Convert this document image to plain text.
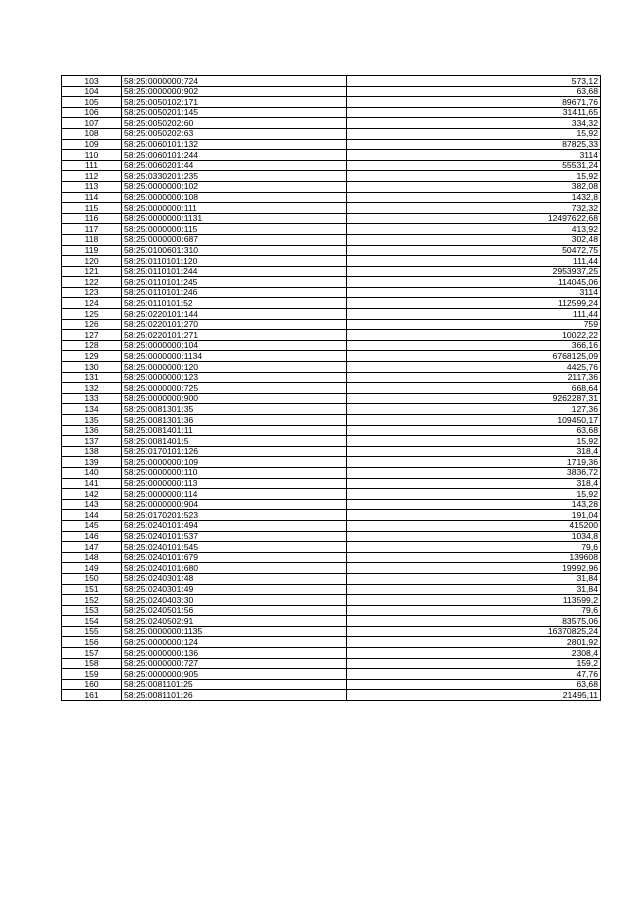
103	58:25:0000000:724	573,12
104	58:25:0000000:902	63,68
105	58:25:0050102:171	89671,76
106	58:25:0050201:145	31411,65
107	58:25:0050202:60	334,32
108	58:25:0050202:63	15,92
109	58:25:0060101:132	87825,33
110	58:25:0060101:244	3114
111	58:25:0060201:44	55531,24
112	58:25:0330201:235	15,92
113	58:25:0000000:102	382,08
114	58:25:0000000:108	1432,8
115	58:25:0000000:111	732,32
116	58:25:0000000:1131	12497622,68
117	58:25:0000000:115	413,92
118	58:25:0000000:687	302,48
119	58:25:0100601:310	50472,75
120	58:25:0110101:120	111,44
121	58:25:0110101:244	2953937,25
122	58:25:0110101:245	114045,06
123	58:25:0110101:246	3114
124	58:25:0110101:52	112599,24
125	58:25:0220101:144	111,44
126	58:25:0220101:270	759
127	58:25:0220101:271	10022,22
128	58:25:0000000:104	366,16
129	58:25:0000000:1134	6768125,09
130	58:25:0000000:120	4425,76
131	58:25:0000000:123	2117,36
132	58:25:0000000:725	668,64
133	58:25:0000000:900	9262287,31
134	58:25:0081301:35	127,36
135	58:25:0081301:36	109450,17
136	58:25:0081401:11	63,68
137	58:25:0081401:5	15,92
138	58:25:0170101:126	318,4
139	58:25:0000000:109	1719,36
140	58:25:0000000:110	3836,72
141	58:25:0000000:113	318,4
142	58:25:0000000:114	15,92
143	58:25:0000000:904	143,28
144	58:25:0170201:523	191,04
145	58:25:0240101:494	415200
146	58:25:0240101:537	1034,8
147	58:25:0240101:545	79,6
148	58:25:0240101:679	139608
149	58:25:0240101:680	19992,96
150	58:25:0240301:48	31,84
151	58:25:0240301:49	31,84
152	58:25:0240403:30	113599,2
153	58:25:0240501:56	79,6
154	58:25:0240502:91	83575,06
155	58:25:0000000:1135	16370825,24
156	58:25:0000000:124	2801,92
157	58:25:0000000:136	2308,4
158	58:25:0000000:727	159,2
159	58:25:0000000:905	47,76
160	58:25:0081101:25	63,68
161	58:25:0081101:26	21495,11
